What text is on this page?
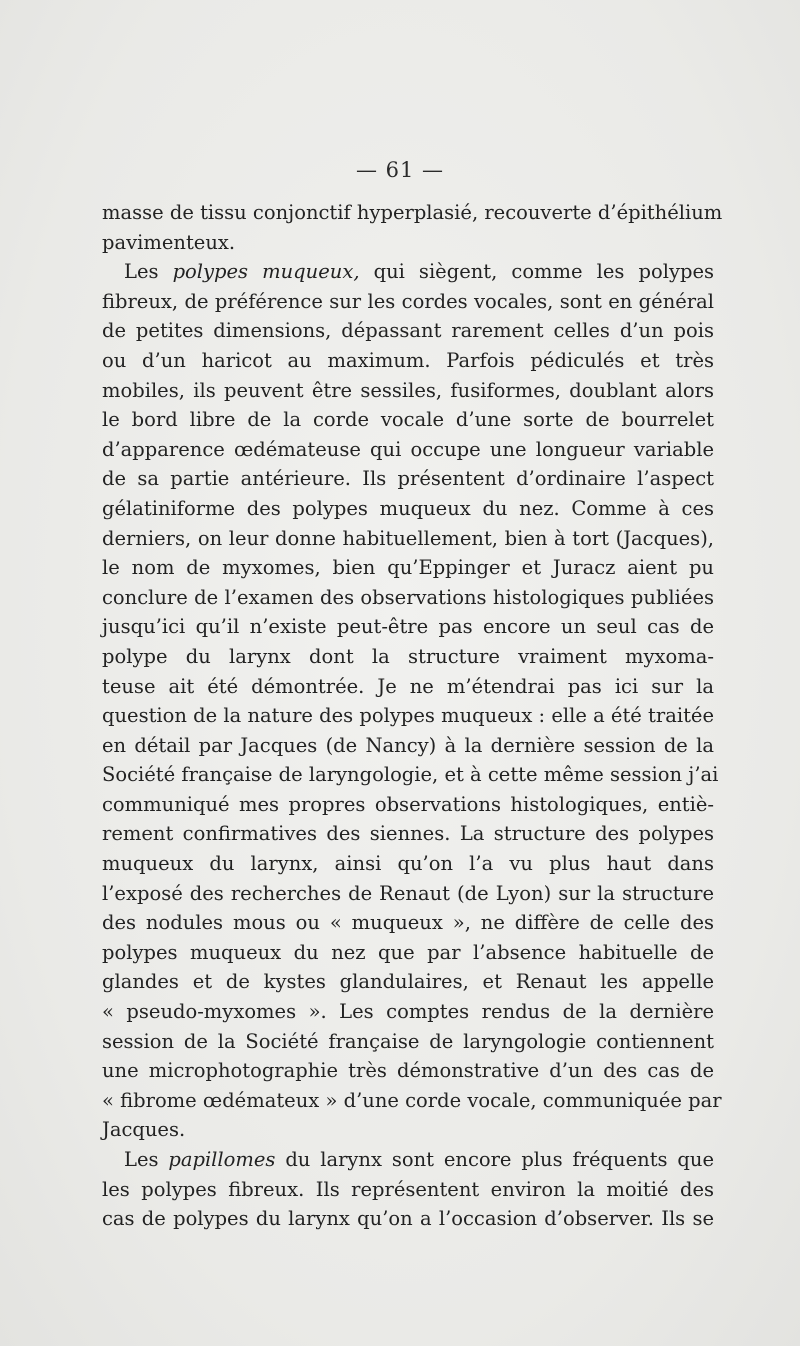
— 61 —
masse de tissu conjonctif hyperplasié, recouverte d’épithélium
pavimenteux.
Les polypes muqueux, qui siègent, comme les polypes
fibreux, de préférence sur les cordes vocales, sont en général
de petites dimensions, dépassant rarement celles d’un pois
ou d’un haricot au maximum. Parfois pédiculés et très
mobiles, ils peuvent être sessiles, fusiformes, doublant alors
le bord libre de la corde vocale d’une sorte de bourrelet
d’apparence œdémateuse qui occupe une longueur variable
de sa partie antérieure. Ils présentent d’ordinaire l’aspect
gélatiniforme des polypes muqueux du nez. Comme à ces
derniers, on leur donne habituellement, bien à tort (Jacques),
le nom de myxomes, bien qu’Eppinger et Juracz aient pu
conclure de l’examen des observations histologiques publiées
jusqu’ici qu’il n’existe peut-être pas encore un seul cas de
polype du larynx dont la structure vraiment myxoma-
teuse ait été démontrée. Je ne m’étendrai pas ici sur la
question de la nature des polypes muqueux : elle a été traitée
en détail par Jacques (de Nancy) à la dernière session de la
Société française de laryngologie, et à cette même session j’ai
communiqué mes propres observations histologiques, entiè-
rement confirmatives des siennes. La structure des polypes
muqueux du larynx, ainsi qu’on l’a vu plus haut dans
l’exposé des recherches de Renaut (de Lyon) sur la structure
des nodules mous ou « muqueux », ne diffère de celle des
polypes muqueux du nez que par l’absence habituelle de
glandes et de kystes glandulaires, et Renaut les appelle
« pseudo-myxomes ». Les comptes rendus de la dernière
session de la Société française de laryngologie contiennent
une microphotographie très démonstrative d’un des cas de
« fibrome œdémateux » d’une corde vocale, communiquée par
Jacques.
Les papillomes du larynx sont encore plus fréquents que
les polypes fibreux. Ils représentent environ la moitié des
cas de polypes du larynx qu’on a l’occasion d’observer. Ils se
